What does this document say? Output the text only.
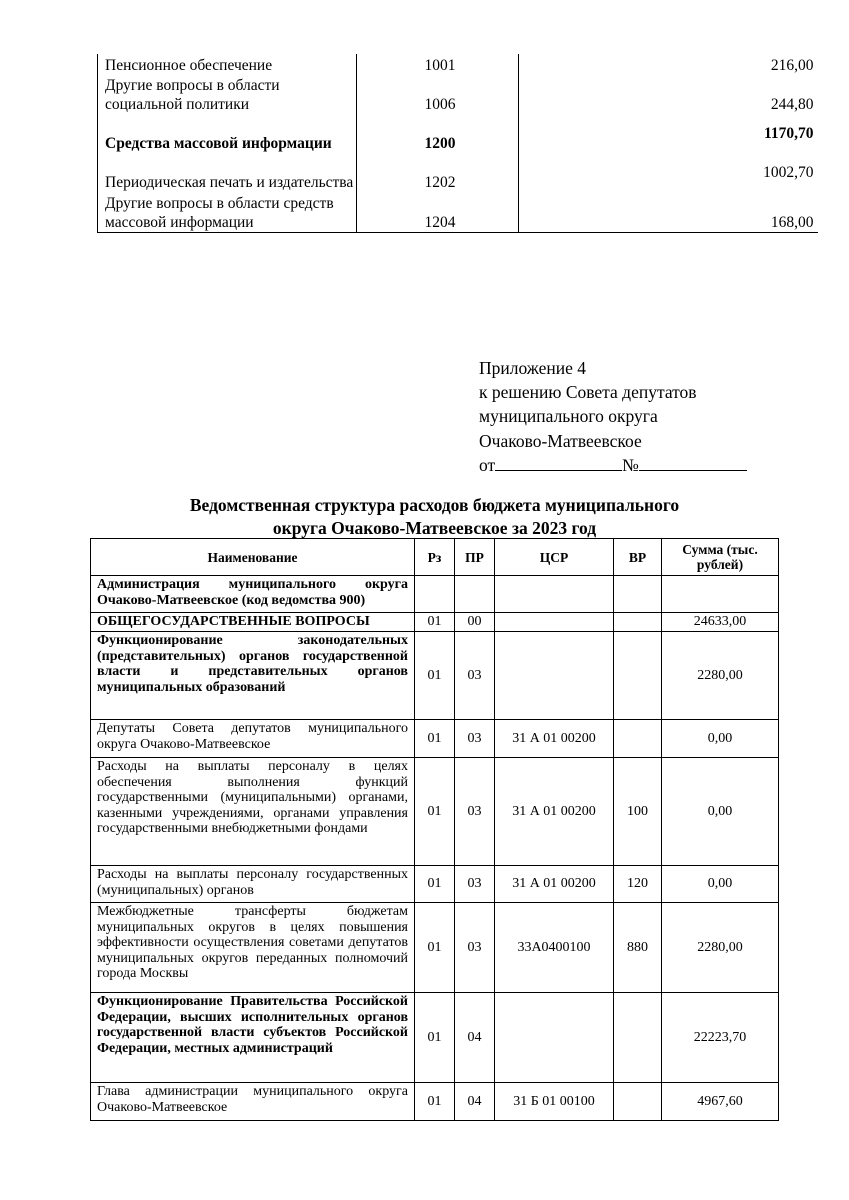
Пенсионное обеспечение	1001	216,00
Другие вопросы в области социальной политики	1006	244,80
Средства массовой информации	1200	1170,70
Периодическая печать и издательства	1202	1002,70
Другие вопросы в области средств массовой информации	1204	168,00
Приложение 4
к решению Совета депутатов
муниципального округа
Очаково-Матвеевское
от	№
Ведомственная структура расходов бюджета муниципального
округа Очаково-Матвеевское за 2023 год
Наименование	Рз	ПР	ЦСР	ВР	Сумма (тыс. рублей)
Администрация муниципального округа Очаково-Матвеевское (код ведомства 900)					
ОБЩЕГОСУДАРСТВЕННЫЕ ВОПРОСЫ	01	00			24633,00
Функционирование законодательных (представительных) органов государственной власти и представительных органов муниципальных образований	01	03			2280,00
Депутаты Совета депутатов муниципального округа Очаково-Матвеевское	01	03	31 А 01 00200		0,00
Расходы на выплаты персоналу в целях обеспечения выполнения функций государственными (муниципальными) органами, казенными учреждениями, органами управления государственными внебюджетными фондами	01	03	31 А 01 00200	100	0,00
Расходы на выплаты персоналу государственных (муниципальных) органов	01	03	31 А 01 00200	120	0,00
Межбюджетные трансферты бюджетам муниципальных округов в целях повышения эффективности осуществления советами депутатов муниципальных округов переданных полномочий города Москвы	01	03	33А0400100	880	2280,00
Функционирование Правительства Российской Федерации, высших исполнительных органов государственной власти субъектов Российской Федерации, местных администраций	01	04			22223,70
Глава администрации муниципального округа Очаково-Матвеевское	01	04	31 Б 01 00100		4967,60
